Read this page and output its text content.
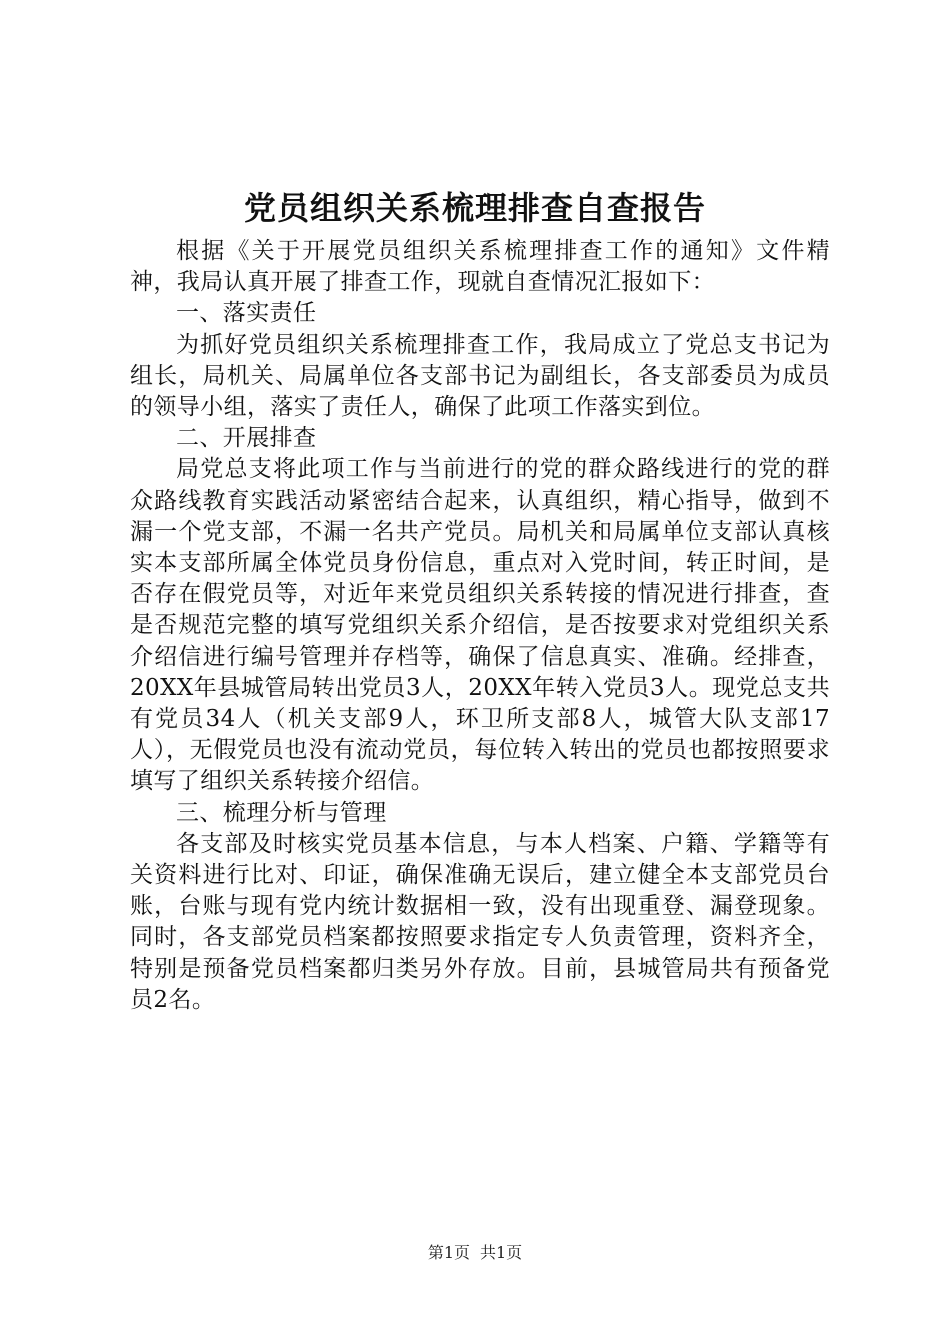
党员组织关系梳理排查自查报告

根据《关于开展党员组织关系梳理排查工作的通知》文件精神，我局认真开展了排查工作，现就自查情况汇报如下：

一、落实责任

为抓好党员组织关系梳理排查工作，我局成立了党总支书记为组长，局机关、局属单位各支部书记为副组长，各支部委员为成员的领导小组，落实了责任人，确保了此项工作落实到位。

二、开展排查

局党总支将此项工作与当前进行的党的群众路线进行的党的群众路线教育实践活动紧密结合起来，认真组织，精心指导，做到不漏一个党支部，不漏一名共产党员。局机关和局属单位支部认真核实本支部所属全体党员身份信息，重点对入党时间，转正时间，是否存在假党员等，对近年来党员组织关系转接的情况进行排查，查是否规范完整的填写党组织关系介绍信，是否按要求对党组织关系介绍信进行编号管理并存档等，确保了信息真实、准确。经排查，20XX年县城管局转出党员3人，20XX年转入党员3人。现党总支共有党员34人（机关支部9人，环卫所支部8人，城管大队支部17人），无假党员也没有流动党员，每位转入转出的党员也都按照要求填写了组织关系转接介绍信。

三、梳理分析与管理

各支部及时核实党员基本信息，与本人档案、户籍、学籍等有关资料进行比对、印证，确保准确无误后，建立健全本支部党员台账，台账与现有党内统计数据相一致，没有出现重登、漏登现象。同时，各支部党员档案都按照要求指定专人负责管理，资料齐全，特别是预备党员档案都归类另外存放。目前，县城管局共有预备党员2名。

第1页 共1页
